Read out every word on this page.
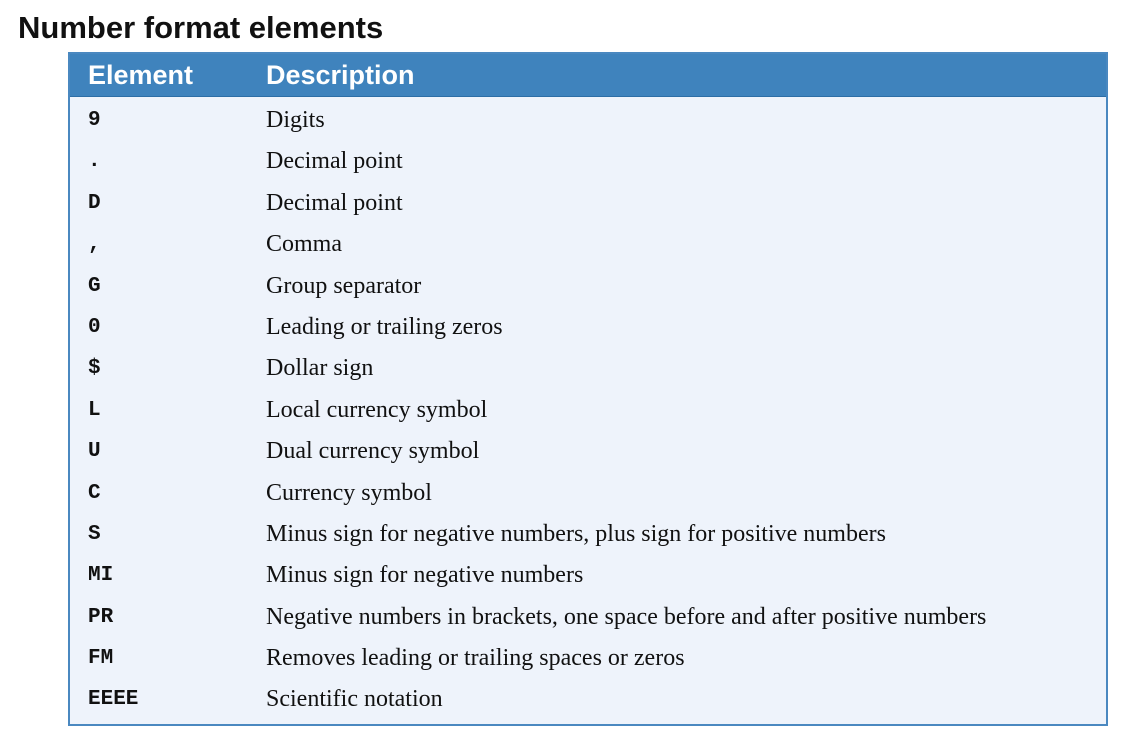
Number format elements
Element	Description
9	Digits
.	Decimal point
D	Decimal point
,	Comma
G	Group separator
0	Leading or trailing zeros
$	Dollar sign
L	Local currency symbol
U	Dual currency symbol
C	Currency symbol
S	Minus sign for negative numbers, plus sign for positive numbers
MI	Minus sign for negative numbers
PR	Negative numbers in brackets, one space before and after positive numbers
FM	Removes leading or trailing spaces or zeros
EEEE	Scientific notation
